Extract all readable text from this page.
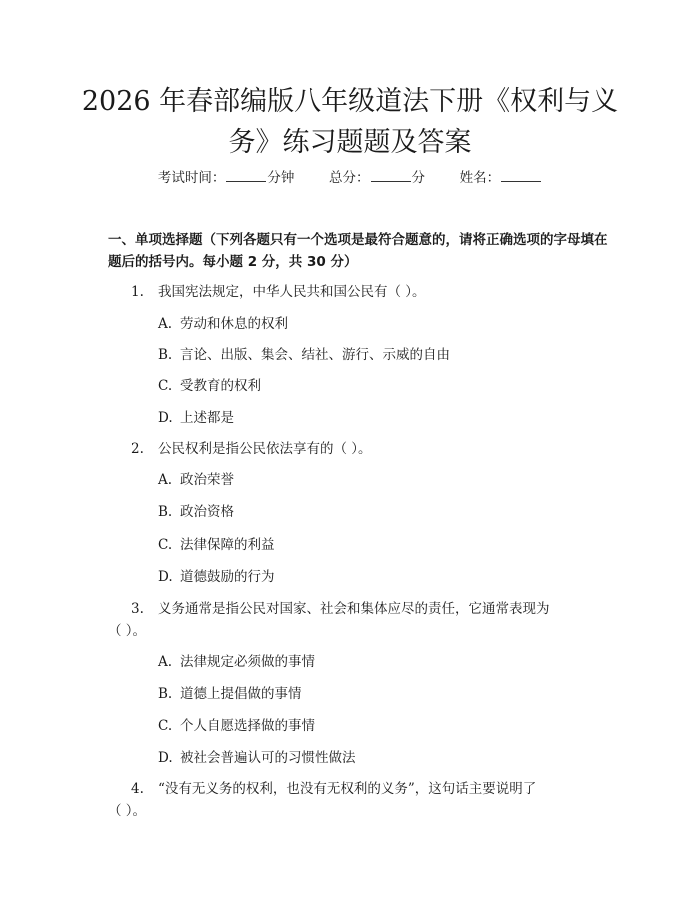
2026 年春部编版八年级道法下册《权利与义
务》练习题题及答案
考试时间：	分钟	总分：	分	姓名：
一、单项选择题（下列各题只有一个选项是最符合题意的，请将正确选项的字母填在题后的括号内。每小题 2 分，共 30 分）
1. 我国宪法规定，中华人民共和国公民有（ ）。
A. 劳动和休息的权利
B. 言论、出版、集会、结社、游行、示威的自由
C. 受教育的权利
D. 上述都是
2. 公民权利是指公民依法享有的（ ）。
A. 政治荣誉
B. 政治资格
C. 法律保障的利益
D. 道德鼓励的行为
3. 义务通常是指公民对国家、社会和集体应尽的责任，它通常表现为
（ ）。
A. 法律规定必须做的事情
B. 道德上提倡做的事情
C. 个人自愿选择做的事情
D. 被社会普遍认可的习惯性做法
4. “没有无义务的权利，也没有无权利的义务”，这句话主要说明了
（ ）。
